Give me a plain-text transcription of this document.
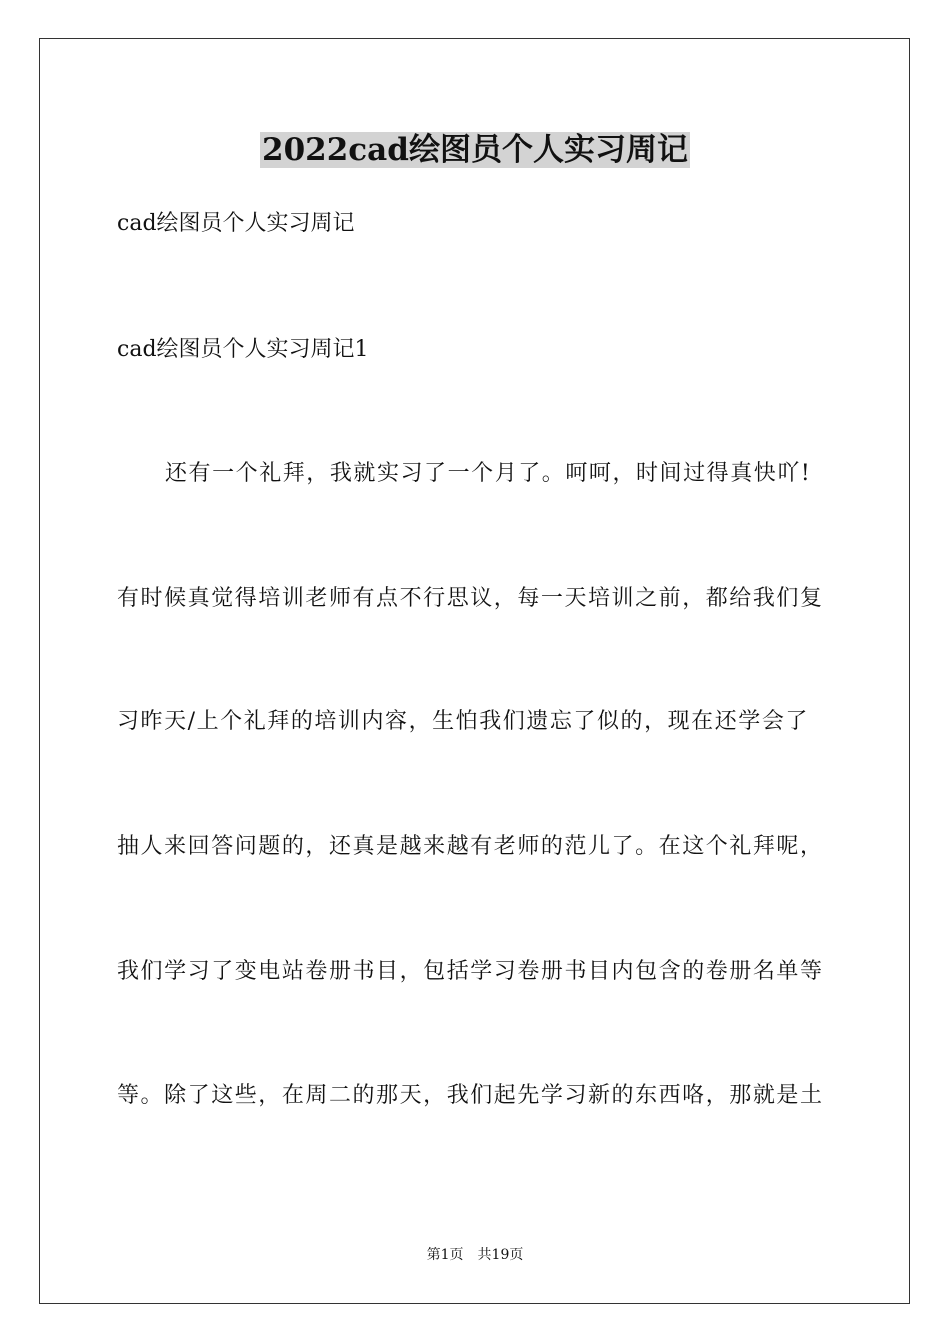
2022cad绘图员个人实习周记
cad绘图员个人实习周记
cad绘图员个人实习周记1
还有一个礼拜，我就实习了一个月了。呵呵，时间过得真快吖!
有时候真觉得培训老师有点不行思议，每一天培训之前，都给我们复
习昨天/上个礼拜的培训内容，生怕我们遗忘了似的，现在还学会了
抽人来回答问题的，还真是越来越有老师的范儿了。在这个礼拜呢，
我们学习了变电站卷册书目，包括学习卷册书目内包含的卷册名单等
等。除了这些，在周二的那天，我们起先学习新的东西咯，那就是土
第1页　共19页
